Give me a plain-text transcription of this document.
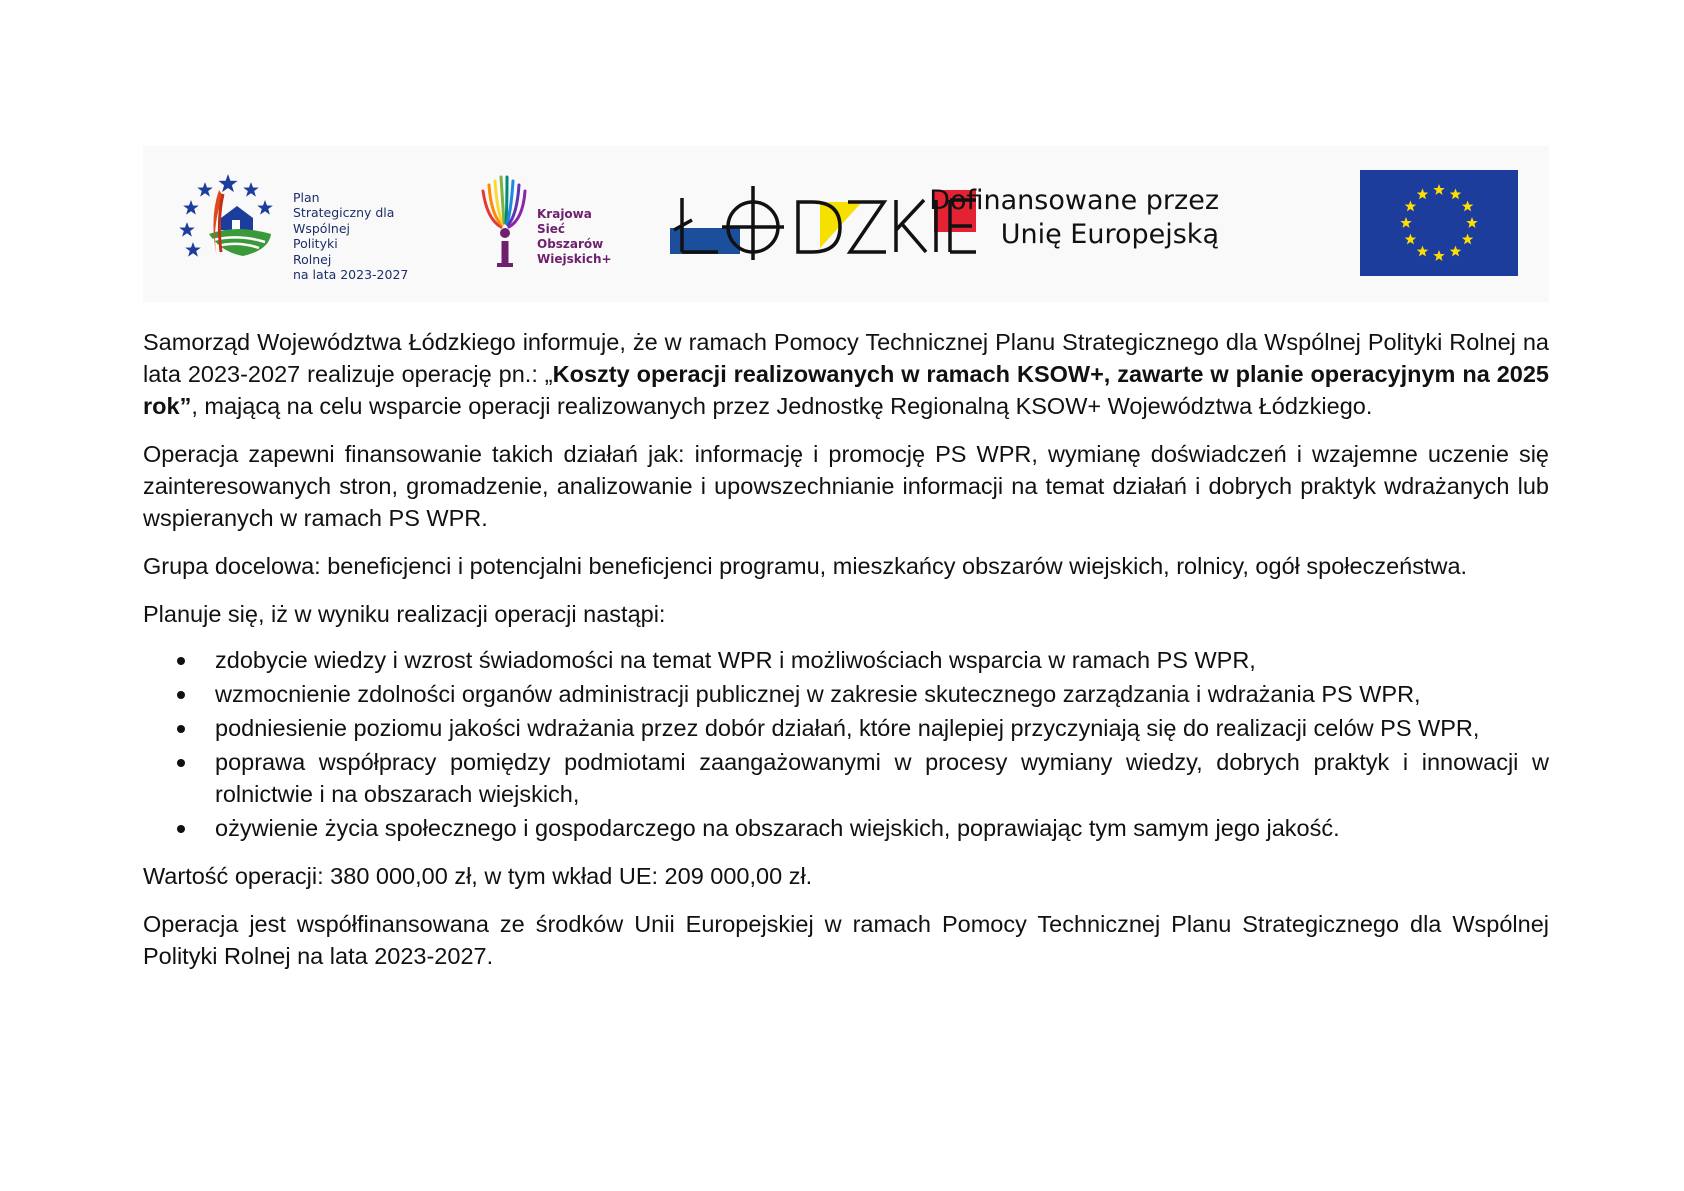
Plan
Strategiczny dla
Wspólnej
Polityki
Rolnej
na lata 2023-2027
Krajowa
Sieć
Obszarów
Wiejskich+
Dofinansowane przez
Unię Europejską

Samorząd Województwa Łódzkiego informuje, że w ramach Pomocy Technicznej Planu Strategicznego dla Wspólnej Polityki Rolnej na lata 2023-2027 realizuje operację pn.: „Koszty operacji realizowanych w ramach KSOW+, zawarte w planie operacyjnym na 2025 rok”, mającą na celu wsparcie operacji realizowanych przez Jednostkę Regionalną KSOW+ Województwa Łódzkiego.

Operacja zapewni finansowanie takich działań jak: informację i promocję PS WPR, wymianę doświadczeń i wzajemne uczenie się zainteresowanych stron, gromadzenie, analizowanie i upowszechnianie informacji na temat działań i dobrych praktyk wdrażanych lub wspieranych w ramach PS WPR.

Grupa docelowa: beneficjenci i potencjalni beneficjenci programu, mieszkańcy obszarów wiejskich, rolnicy, ogół społeczeństwa.

Planuje się, iż w wyniku realizacji operacji nastąpi:

zdobycie wiedzy i wzrost świadomości na temat WPR i możliwościach wsparcia w ramach PS WPR,
wzmocnienie zdolności organów administracji publicznej w zakresie skutecznego zarządzania i wdrażania PS WPR,
podniesienie poziomu jakości wdrażania przez dobór działań, które najlepiej przyczyniają się do realizacji celów PS WPR,
poprawa współpracy pomiędzy podmiotami zaangażowanymi w procesy wymiany wiedzy, dobrych praktyk i innowacji w rolnictwie i na obszarach wiejskich,
ożywienie życia społecznego i gospodarczego na obszarach wiejskich, poprawiając tym samym jego jakość.

Wartość operacji: 380 000,00 zł, w tym wkład UE: 209 000,00 zł.

Operacja jest współfinansowana ze środków Unii Europejskiej w ramach Pomocy Technicznej Planu Strategicznego dla Wspólnej Polityki Rolnej na lata 2023-2027.
